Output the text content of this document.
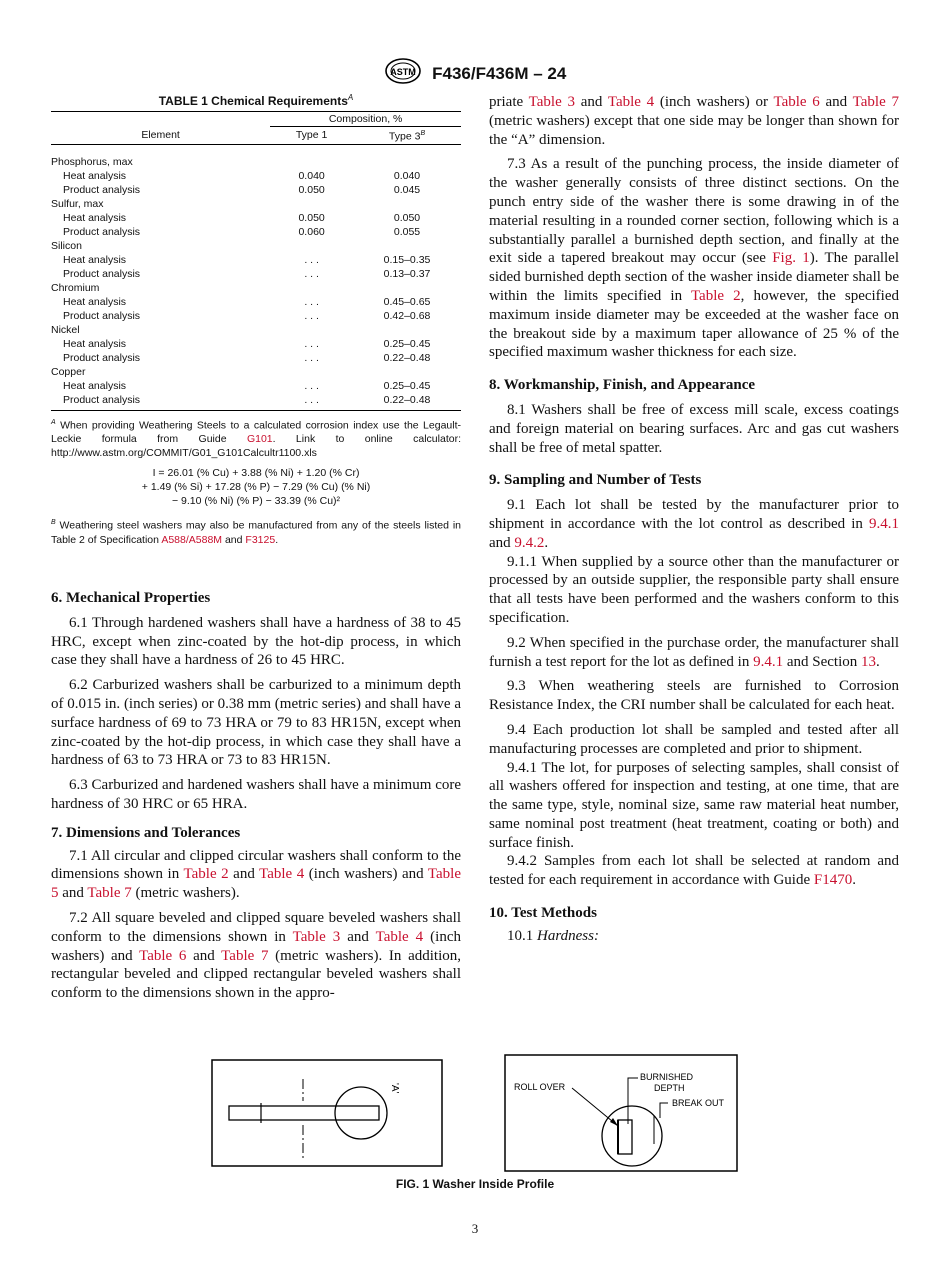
ASTM F436/F436M – 24
TABLE 1 Chemical Requirements$^A$
	Composition, %	
Element	Type 1	Type $3^B$

Phosphorus, max		
Heat analysis	0.040	0.040
Product analysis	0.050	0.045
Sulfur, max		
Heat analysis	0.050	0.050
Product analysis	0.060	0.055
Silicon		
Heat analysis	. . .	0.15–0.35
Product analysis	. . .	0.13–0.37
Chromium		
Heat analysis	. . .	0.45–0.65
Product analysis	. . .	0.42–0.68
Nickel		
Heat analysis	. . .	0.25–0.45
Product analysis	. . .	0.22–0.48
Copper		
Heat analysis	. . .	0.25–0.45
Product analysis	. . .	0.22–0.48

$^A$ When providing Weathering Steels to a calculated corrosion index use the Legault-Leckie formula from Guide G101. Link to online calculator: http://www.astm.org/COMMIT/G01_G101Calcultr1100.xls
I = 26.01 (% Cu) + 3.88 (% Ni) + 1.20 (% Cr)
+ 1.49 (% Si) + 17.28 (% P) − 7.29 (% Cu) (% Ni)
− 9.10 (% Ni) (% P) − 33.39 (% Cu)²
$^B$ Weathering steel washers may also be manufactured from any of the steels listed in Table 2 of Specification A588/A588M and F3125.
6. Mechanical Properties

6.1 Through hardened washers shall have a hardness of 38 to 45 HRC, except when zinc-coated by the hot-dip process, in which case they shall have a hardness of 26 to 45 HRC.

6.2 Carburized washers shall be carburized to a minimum depth of 0.015 in. (inch series) or 0.38 mm (metric series) and shall have a surface hardness of 69 to 73 HRA or 79 to 83 HR15N, except when zinc-coated by the hot-dip process, in which case they shall have a hardness of 63 to 73 HRA or 73 to 83 HR15N.

6.3 Carburized and hardened washers shall have a minimum core hardness of 30 HRC or 65 HRA.

7. Dimensions and Tolerances

7.1 All circular and clipped circular washers shall conform to the dimensions shown in Table 2 and Table 4 (inch washers) and Table 5 and Table 7 (metric washers).

7.2 All square beveled and clipped square beveled washers shall conform to the dimensions shown in Table 3 and Table 4 (inch washers) and Table 6 and Table 7 (metric washers). In addition, rectangular beveled and clipped rectangular beveled washers shall conform to the dimensions shown in the appro-

priate Table 3 and Table 4 (inch washers) or Table 6 and Table 7 (metric washers) except that one side may be longer than shown for the “A” dimension.

7.3 As a result of the punching process, the inside diameter of the washer generally consists of three distinct sections. On the punch entry side of the washer there is some drawing in of the material resulting in a rounded corner section, following which is a substantially parallel a burnished depth section, and finally at the exit side a tapered breakout may occur (see Fig. 1). The parallel sided burnished depth section of the washer inside diameter shall be within the limits specified in Table 2, however, the specified maximum inside diameter may be exceeded at the washer face on the breakout side by a maximum taper allowance of 25 % of the specified maximum washer thickness for each size.

8. Workmanship, Finish, and Appearance

8.1 Washers shall be free of excess mill scale, excess coatings and foreign material on bearing surfaces. Arc and gas cut washers shall be free of metal spatter.

9. Sampling and Number of Tests

9.1 Each lot shall be tested by the manufacturer prior to shipment in accordance with the lot control as described in 9.4.1 and 9.4.2.

9.1.1 When supplied by a source other than the manufacturer or processed by an outside supplier, the responsible party shall ensure that all tests have been performed and the washers conform to this specification.

9.2 When specified in the purchase order, the manufacturer shall furnish a test report for the lot as defined in 9.4.1 and Section 13.

9.3 When weathering steels are furnished to Corrosion Resistance Index, the CRI number shall be calculated for each heat.

9.4 Each production lot shall be sampled and tested after all manufacturing processes are completed and prior to shipment.

9.4.1 The lot, for purposes of selecting samples, shall consist of all washers offered for inspection and testing, at one time, that are the same type, style, nominal size, same raw material heat number, same nominal post treatment (heat treatment, coating or both) and surface finish.

9.4.2 Samples from each lot shall be selected at random and tested for each requirement in accordance with Guide F1470.

10. Test Methods

10.1 Hardness:

'A'	ROLL OVER
BURNISHED
DEPTH
BREAK OUT
FIG. 1 Washer Inside Profile
3
